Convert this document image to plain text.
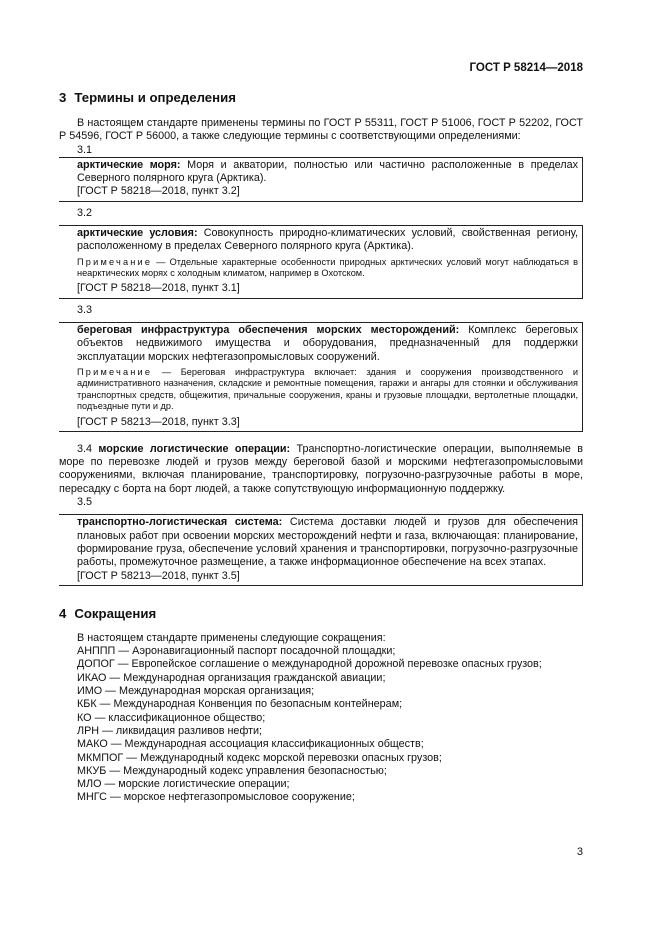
ГОСТ Р 58214—2018
3 Термины и определения

В настоящем стандарте применены термины по ГОСТ Р 55311, ГОСТ Р 51006, ГОСТ Р 52202, ГОСТ Р 54596, ГОСТ Р 56000, а также следующие термины с соответствующими определениями:

3.1

арктические моря: Моря и акватории, полностью или частично расположенные в пределах Северного полярного круга (Арктика).

[ГОСТ Р 58218—2018, пункт 3.2]

3.2

арктические условия: Совокупность природно-климатических условий, свойственная региону, расположенному в пределах Северного полярного круга (Арктика).

Примечание — Отдельные характерные особенности природных арктических условий могут наблюдаться в неарктических морях с холодным климатом, например в Охотском.

[ГОСТ Р 58218—2018, пункт 3.1]

3.3

береговая инфраструктура обеспечения морских месторождений: Комплекс береговых объектов недвижимого имущества и оборудования, предназначенный для поддержки эксплуатации морских нефтегазопромысловых сооружений.

Примечание — Береговая инфраструктура включает: здания и сооружения производственного и административного назначения, складские и ремонтные помещения, гаражи и ангары для стоянки и обслуживания транспортных средств, общежития, причальные сооружения, краны и грузовые площадки, вертолетные площадки, подъездные пути и др.

[ГОСТ Р 58213—2018, пункт 3.3]

3.4 морские логистические операции: Транспортно-логистические операции, выполняемые в море по перевозке людей и грузов между береговой базой и морскими нефтегазопромысловыми сооружениями, включая планирование, транспортировку, погрузочно-разгрузочные работы в море, пересадку с борта на борт людей, а также сопутствующую информационную поддержку.

3.5

транспортно-логистическая система: Система доставки людей и грузов для обеспечения плановых работ при освоении морских месторождений нефти и газа, включающая: планирование, формирование груза, обеспечение условий хранения и транспортировки, погрузочно-разгрузочные работы, промежуточное размещение, а также информационное обеспечение на всех этапах.

[ГОСТ Р 58213—2018, пункт 3.5]

4 Сокращения

В настоящем стандарте применены следующие сокращения:

АНППП — Аэронавигационный паспорт посадочной площадки;

ДОПОГ — Европейское соглашение о международной дорожной перевозке опасных грузов;

ИКАО — Международная организация гражданской авиации;

ИМО — Международная морская организация;

КБК — Международная Конвенция по безопасным контейнерам;

КО — классификационное общество;

ЛРН — ликвидация разливов нефти;

МАКО — Международная ассоциация классификационных обществ;

МКМПОГ — Международный кодекс морской перевозки опасных грузов;

МКУБ — Международный кодекс управления безопасностью;

МЛО — морские логистические операции;

МНГС — морское нефтегазопромысловое сооружение;

3
